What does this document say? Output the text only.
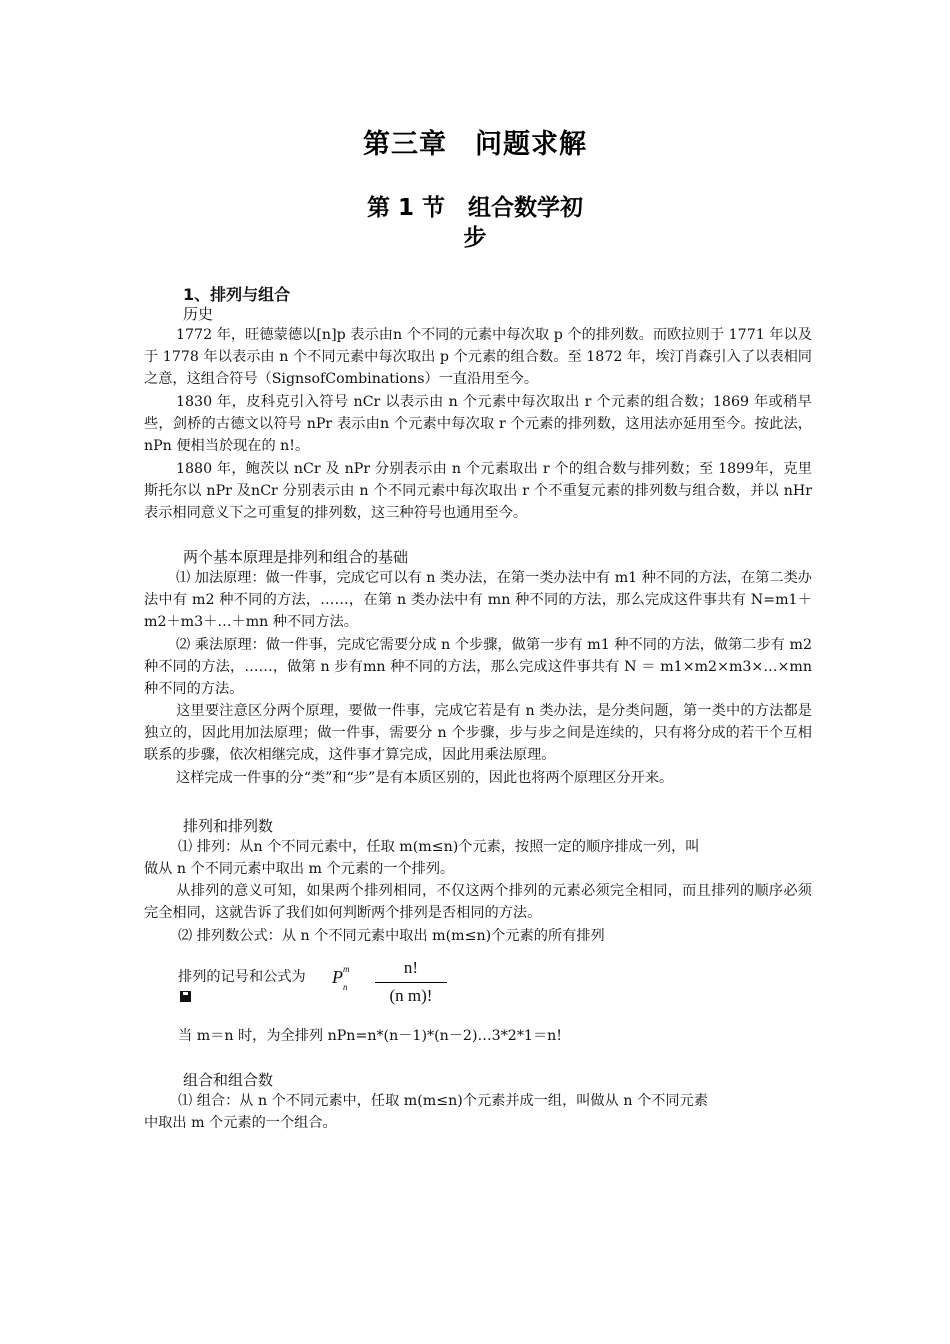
第三章　问题求解
第 1 节　组合数学初
步
1、排列与组合
历史

1772 年，旺德蒙德以[n]p 表示由n 个不同的元素中每次取 p 个的排列数。而欧拉则于 1771 年以及于 1778 年以表示由 n 个不同元素中每次取出 p 个元素的组合数。至 1872 年，埃汀肖森引入了以表相同之意，这组合符号（SignsofCombinations）一直沿用至今。

1830 年，皮科克引入符号 nCr 以表示由 n 个元素中每次取出 r 个元素的组合数；1869 年或稍早些，剑桥的古德文以符号 nPr 表示由n 个元素中每次取 r 个元素的排列数，这用法亦延用至今。按此法，nPn 便相当於现在的 n!。

1880 年，鲍茨以 nCr 及 nPr 分别表示由 n 个元素取出 r 个的组合数与排列数；至 1899年，克里斯托尔以 nPr 及nCr 分别表示由 n 个不同元素中每次取出 r 个不重复元素的排列数与组合数，并以 nHr 表示相同意义下之可重复的排列数，这三种符号也通用至今。

两个基本原理是排列和组合的基础

⑴ 加法原理：做一件事，完成它可以有 n 类办法，在第一类办法中有 m1 种不同的方法，在第二类办法中有 m2 种不同的方法，……，在第 n 类办法中有 mn 种不同的方法，那么完成这件事共有 N=m1＋m2＋m3＋…＋mn 种不同方法。

⑵ 乘法原理：做一件事，完成它需要分成 n 个步骤，做第一步有 m1 种不同的方法，做第二步有 m2 种不同的方法，……，做第 n 步有mn 种不同的方法，那么完成这件事共有 N ＝ m1×m2×m3×…×mn 种不同的方法。

这里要注意区分两个原理，要做一件事，完成它若是有 n 类办法，是分类问题，第一类中的方法都是独立的，因此用加法原理；做一件事，需要分 n 个步骤，步与步之间是连续的，只有将分成的若干个互相联系的步骤，依次相继完成，这件事才算完成，因此用乘法原理。

这样完成一件事的分“类”和“步”是有本质区别的，因此也将两个原理区分开来。

排列和排列数
⑴ 排列：从n 个不同元素中，任取 m(m≤n)个元素，按照一定的顺序排成一列，叫
做从 n 个不同元素中取出 m 个元素的一个排列。

从排列的意义可知，如果两个排列相同，不仅这两个排列的元素必须完全相同，而且排列的顺序必须完全相同，这就告诉了我们如何判断两个排列是否相同的方法。

⑵ 排列数公式：从 n 个不同元素中取出 m(m≤n)个元素的所有排列
排列的记号和公式为 P m
n
n!
(n m)!
当 m＝n 时，为全排列 nPn=n*(n－1)*(n－2)…3*2*1＝n!
组合和组合数
⑴ 组合：从 n 个不同元素中，任取 m(m≤n)个元素并成一组，叫做从 n 个不同元素
中取出 m 个元素的一个组合。
